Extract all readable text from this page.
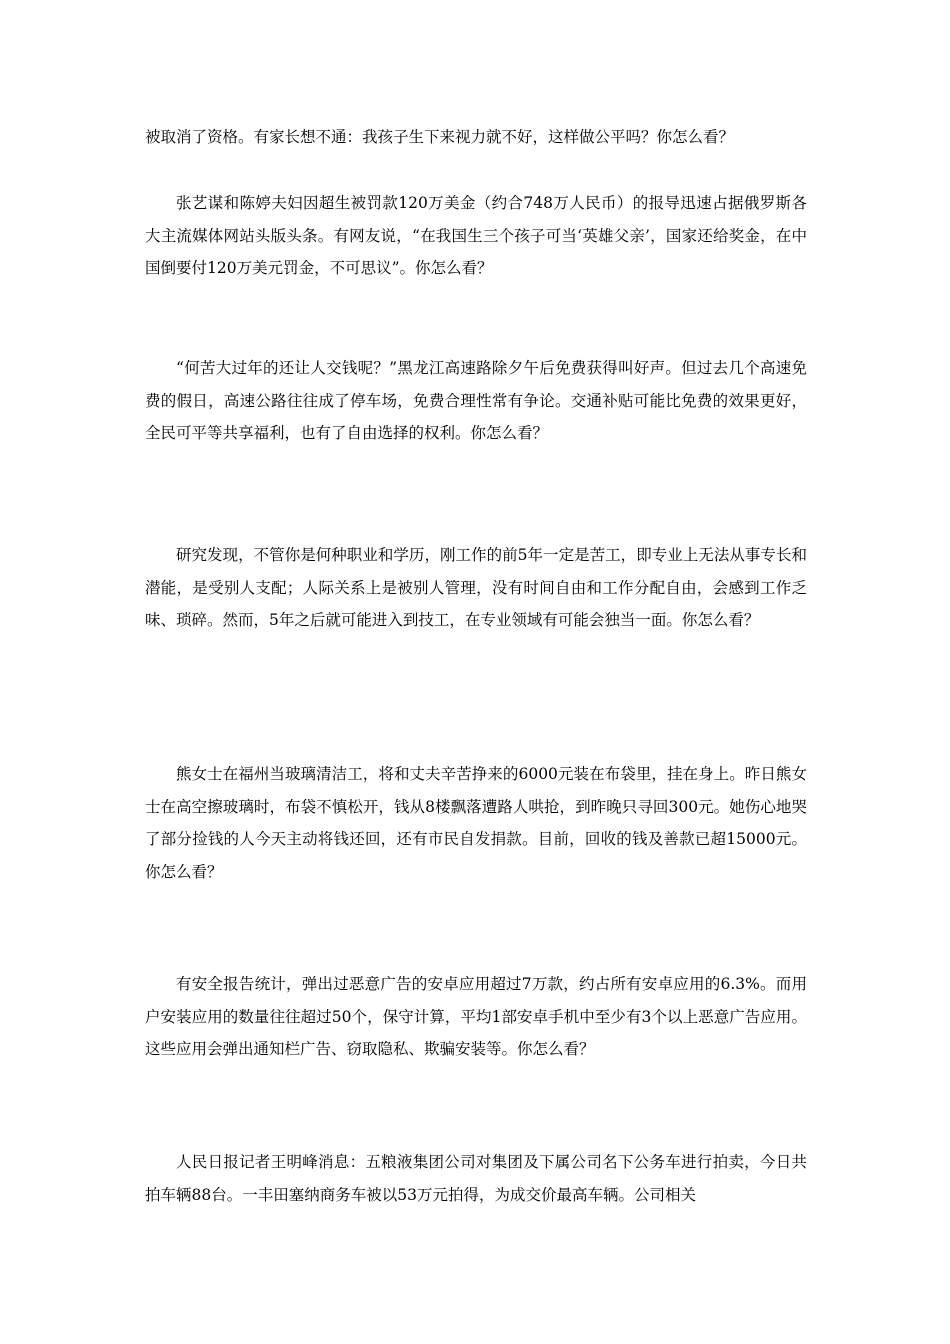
被取消了资格。有家长想不通：我孩子生下来视力就不好，这样做公平吗？你怎么看？

张艺谋和陈婷夫妇因超生被罚款120万美金（约合748万人民币）的报导迅速占据俄罗斯各大主流媒体网站头版头条。有网友说，“在我国生三个孩子可当‘英雄父亲’，国家还给奖金，在中国倒要付120万美元罚金，不可思议”。你怎么看？

“何苦大过年的还让人交钱呢？”黑龙江高速路除夕午后免费获得叫好声。但过去几个高速免费的假日，高速公路往往成了停车场，免费合理性常有争论。交通补贴可能比免费的效果更好，全民可平等共享福利，也有了自由选择的权利。你怎么看？

研究发现，不管你是何种职业和学历，刚工作的前5年一定是苦工，即专业上无法从事专长和潜能，是受别人支配；人际关系上是被别人管理，没有时间自由和工作分配自由，会感到工作乏味、琐碎。然而，5年之后就可能进入到技工，在专业领域有可能会独当一面。你怎么看？

熊女士在福州当玻璃清洁工，将和丈夫辛苦挣来的6000元装在布袋里，挂在身上。昨日熊女士在高空擦玻璃时，布袋不慎松开，钱从8楼飘落遭路人哄抢，到昨晚只寻回300元。她伤心地哭了部分捡钱的人今天主动将钱还回，还有市民自发捐款。目前，回收的钱及善款已超15000元。你怎么看？

有安全报告统计，弹出过恶意广告的安卓应用超过7万款，约占所有安卓应用的6.3%。而用户安装应用的数量往往超过50个，保守计算，平均1部安卓手机中至少有3个以上恶意广告应用。这些应用会弹出通知栏广告、窃取隐私、欺骗安装等。你怎么看？

人民日报记者王明峰消息：五粮液集团公司对集团及下属公司名下公务车进行拍卖，今日共拍车辆88台。一丰田塞纳商务车被以53万元拍得，为成交价最高车辆。公司相关
